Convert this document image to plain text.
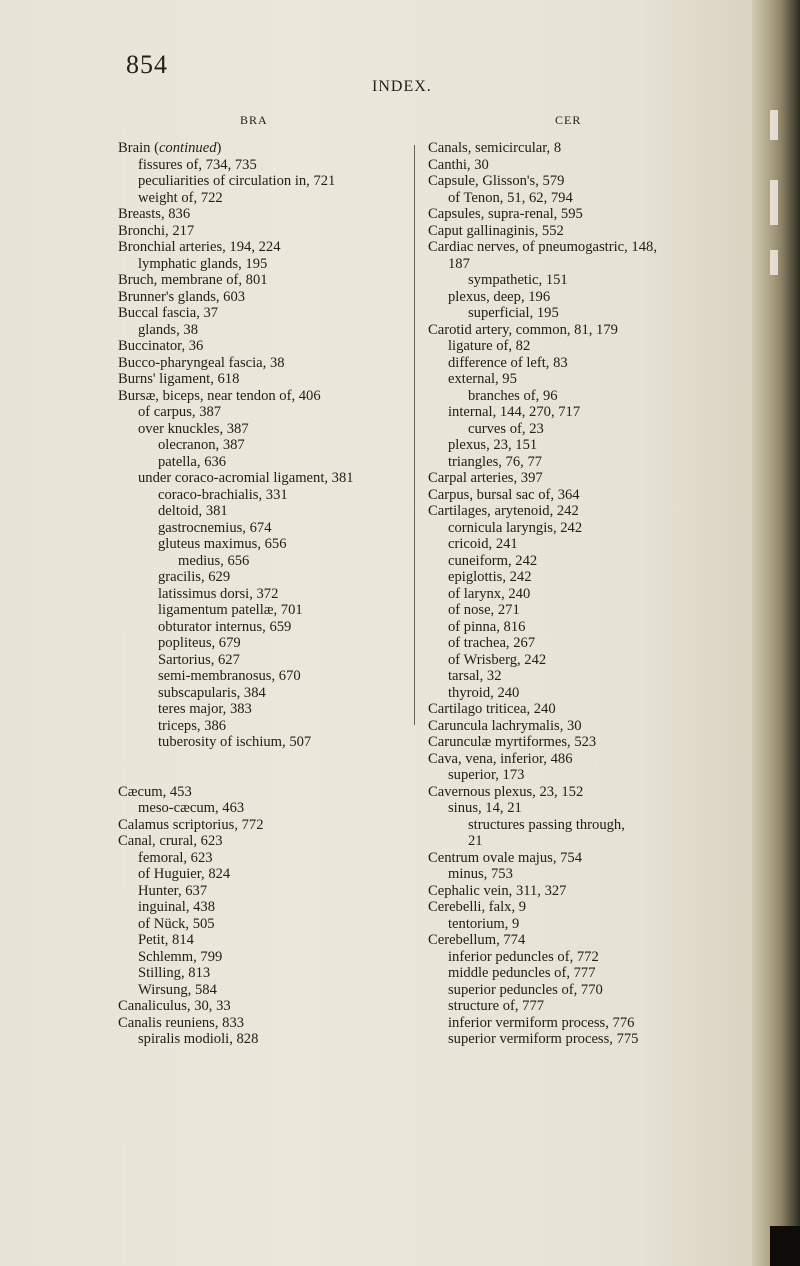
854
INDEX.
BRA	CER
Brain (continued)
fissures of, 734, 735
peculiarities of circulation in, 721
weight of, 722
Breasts, 836
Bronchi, 217
Bronchial arteries, 194, 224
lymphatic glands, 195
Bruch, membrane of, 801
Brunner's glands, 603
Buccal fascia, 37
glands, 38
Buccinator, 36
Bucco-pharyngeal fascia, 38
Burns' ligament, 618
Bursæ, biceps, near tendon of, 406
of carpus, 387
over knuckles, 387
olecranon, 387
patella, 636
under coraco-acromial ligament, 381
coraco-brachialis, 331
deltoid, 381
gastrocnemius, 674
gluteus maximus, 656
medius, 656
gracilis, 629
latissimus dorsi, 372
ligamentum patellæ, 701
obturator internus, 659
popliteus, 679
Sartorius, 627
semi-membranosus, 670
subscapularis, 384
teres major, 383
triceps, 386
tuberosity of ischium, 507
Cæcum, 453
meso-cæcum, 463
Calamus scriptorius, 772
Canal, crural, 623
femoral, 623
of Huguier, 824
Hunter, 637
inguinal, 438
of Nück, 505
Petit, 814
Schlemm, 799
Stilling, 813
Wirsung, 584
Canaliculus, 30, 33
Canalis reuniens, 833
spiralis modioli, 828
Canals, semicircular, 8
Canthi, 30
Capsule, Glisson's, 579
of Tenon, 51, 62, 794
Capsules, supra-renal, 595
Caput gallinaginis, 552
Cardiac nerves, of pneumogastric, 148,
187
sympathetic, 151
plexus, deep, 196
superficial, 195
Carotid artery, common, 81, 179
ligature of, 82
difference of left, 83
external, 95
branches of, 96
internal, 144, 270, 717
curves of, 23
plexus, 23, 151
triangles, 76, 77
Carpal arteries, 397
Carpus, bursal sac of, 364
Cartilages, arytenoid, 242
cornicula laryngis, 242
cricoid, 241
cuneiform, 242
epiglottis, 242
of larynx, 240
of nose, 271
of pinna, 816
of trachea, 267
of Wrisberg, 242
tarsal, 32
thyroid, 240
Cartilago triticea, 240
Caruncula lachrymalis, 30
Carunculæ myrtiformes, 523
Cava, vena, inferior, 486
superior, 173
Cavernous plexus, 23, 152
sinus, 14, 21
structures passing through,
21
Centrum ovale majus, 754
minus, 753
Cephalic vein, 311, 327
Cerebelli, falx, 9
tentorium, 9
Cerebellum, 774
inferior peduncles of, 772
middle peduncles of, 777
superior peduncles of, 770
structure of, 777
inferior vermiform process, 776
superior vermiform process, 775
